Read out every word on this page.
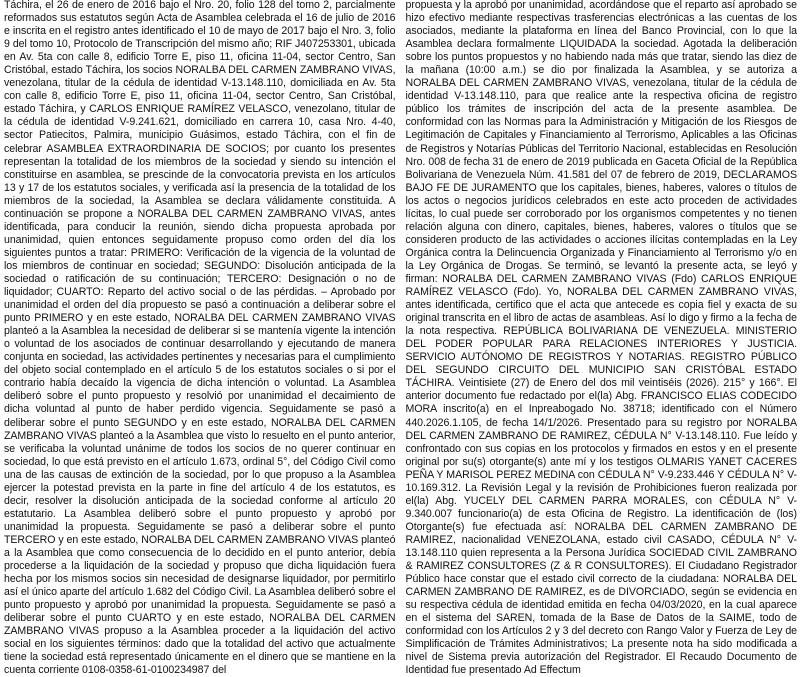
Táchira, el 26 de enero de 2016 bajo el Nro. 20, folio 128 del tomo 2, parcialmente reformados sus estatutos según Acta de Asamblea celebrada el 16 de julio de 2016 e inscrita en el registro antes identificado el 10 de mayo de 2017 bajo el Nro. 3, folio 9 del tomo 10, Protocolo de Transcripción del mismo año; RIF J407253301, ubicada en Av. 5ta con calle 8, edificio Torre E, piso 11, oficina 11-04, sector Centro, San Cristóbal, estado Táchira, los socios NORALBA DEL CARMEN ZAMBRANO VIVAS, venezolana, titular de la cédula de identidad V-13.148.110, domiciliada en Av. 5ta con calle 8, edificio Torre E, piso 11, oficina 11-04, sector Centro, San Cristóbal, estado Táchira, y CARLOS ENRIQUE RAMÍREZ VELASCO, venezolano, titular de la cédula de identidad V-9.241.621, domiciliado en carrera 10, casa Nro. 4-40, sector Patiecitos, Palmira, municipio Guásimos, estado Táchira, con el fin de celebrar ASAMBLEA EXTRAORDINARIA DE SOCIOS; por cuanto los presentes representan la totalidad de los miembros de la sociedad y siendo su intención el constituirse en asamblea, se prescinde de la convocatoria prevista en los artículos 13 y 17 de los estatutos sociales, y verificada así la presencia de la totalidad de los miembros de la sociedad, la Asamblea se declara válidamente constituida. A continuación se propone a NORALBA DEL CARMEN ZAMBRANO VIVAS, antes identificada, para conducir la reunión, siendo dicha propuesta aprobada por unanimidad, quien entonces seguidamente propuso como orden del día los siguientes puntos a tratar: PRIMERO: Verificación de la vigencia de la voluntad de los miembros de continuar en sociedad; SEGUNDO: Disolución anticipada de la sociedad o ratificación de su continuación; TERCERO: Designación o no de liquidador; CUARTO: Reparto del activo social o de las pérdidas. – Aprobado por unanimidad el orden del día propuesto se pasó a continuación a deliberar sobre el punto PRIMERO y en este estado, NORALBA DEL CARMEN ZAMBRANO VIVAS planteó a la Asamblea la necesidad de deliberar si se mantenía vigente la intención o voluntad de los asociados de continuar desarrollando y ejecutando de manera conjunta en sociedad, las actividades pertinentes y necesarias para el cumplimiento del objeto social contemplado en el artículo 5 de los estatutos sociales o si por el contrario había decaído la vigencia de dicha intención o voluntad. La Asamblea deliberó sobre el punto propuesto y resolvió por unanimidad el decaimiento de dicha voluntad al punto de haber perdido vigencia. Seguidamente se pasó a deliberar sobre el punto SEGUNDO y en este estado, NORALBA DEL CARMEN ZAMBRANO VIVAS planteó a la Asamblea que visto lo resuelto en el punto anterior, se verificaba la voluntad unánime de todos los socios de no querer continuar en sociedad, lo que está previsto en el artículo 1.673, ordinal 5°, del Código Civil como una de las causas de extinción de la sociedad, por lo que propuso a la Asamblea ejercer la potestad prevista en la parte in fine del artículo 4 de los estatutos, es decir, resolver la disolución anticipada de la sociedad conforme al artículo 20 estatutario. La Asamblea deliberó sobre el punto propuesto y aprobó por unanimidad la propuesta. Seguidamente se pasó a deliberar sobre el punto TERCERO y en este estado, NORALBA DEL CARMEN ZAMBRANO VIVAS planteó a la Asamblea que como consecuencia de lo decidido en el punto anterior, debía procederse a la liquidación de la sociedad y propuso que dicha liquidación fuera hecha por los mismos socios sin necesidad de designarse liquidador, por permitirlo así el único aparte del artículo 1.682 del Código Civil. La Asamblea deliberó sobre el punto propuesto y aprobó por unanimidad la propuesta. Seguidamente se pasó a deliberar sobre el punto CUARTO y en este estado, NORALBA DEL CARMEN ZAMBRANO VIVAS propuso a la Asamblea proceder a la liquidación del activo social en los siguientes términos: dado que la totalidad del activo que actualmente tiene la sociedad está representado únicamente en el dinero que se mantiene en la cuenta corriente 0108-0358-61-0100234987 del

propuesta y la aprobó por unanimidad, acordándose que el reparto así aprobado se hizo efectivo mediante respectivas trasferencias electrónicas a las cuentas de los asociados, mediante la plataforma en línea del Banco Provincial, con lo que la Asamblea declara formalmente LIQUIDADA la sociedad. Agotada la deliberación sobre los puntos propuestos y no habiendo nada más que tratar, siendo las diez de la mañana (10:00 a.m.) se dio por finalizada la Asamblea, y se autoriza a NORALBA DEL CARMEN ZAMBRANO VIVAS, venezolana, titular de la cédula de identidad V-13.148.110, para que realice ante la respectiva oficina de registro público los trámites de inscripción del acta de la presente asamblea. De conformidad con las Normas para la Administración y Mitigación de los Riesgos de Legitimación de Capitales y Financiamiento al Terrorismo, Aplicables a las Oficinas de Registros y Notarías Públicas del Territorio Nacional, establecidas en Resolución Nro. 008 de fecha 31 de enero de 2019 publicada en Gaceta Oficial de la República Bolivariana de Venezuela Núm. 41.581 del 07 de febrero de 2019, DECLARAMOS BAJO FE DE JURAMENTO que los capitales, bienes, haberes, valores o títulos de los actos o negocios jurídicos celebrados en este acto proceden de actividades lícitas, lo cual puede ser corroborado por los organismos competentes y no tienen relación alguna con dinero, capitales, bienes, haberes, valores o títulos que se consideren producto de las actividades o acciones ilícitas contempladas en la Ley Orgánica contra la Delincuencia Organizada y Financiamiento al Terrorismo y/o en la Ley Orgánica de Drogas. Se terminó, se levantó la presente acta, se leyó y firman: NORALBA DEL CARMEN ZAMBRANO VIVAS (Fdo) CARLOS ENRIQUE RAMÍREZ VELASCO (Fdo). Yo, NORALBA DEL CARMEN ZAMBRANO VIVAS, antes identificada, certifico que el acta que antecede es copia fiel y exacta de su original transcrita en el libro de actas de asambleas. Así lo digo y firmo a la fecha de la nota respectiva. REPÚBLICA BOLIVARIANA DE VENEZUELA. MINISTERIO DEL PODER POPULAR PARA RELACIONES INTERIORES Y JUSTICIA. SERVICIO AUTÓNOMO DE REGISTROS Y NOTARIAS. REGISTRO PÚBLICO DEL SEGUNDO CIRCUITO DEL MUNICIPIO SAN CRISTÓBAL ESTADO TÁCHIRA. Veintisiete (27) de Enero del dos mil veintiséis (2026). 215° y 166°. El anterior documento fue redactado por el(la) Abg. FRANCISCO ELIAS CODECIDO MORA inscrito(a) en el Inpreabogado No. 38718; identificado con el Número 440.2026.1.105, de fecha 14/1/2026. Presentado para su registro por NORALBA DEL CARMEN ZAMBRANO DE RAMIREZ, CÉDULA N° V-13.148.110. Fue leído y confrontado con sus copias en los protocolos y firmados en estos y en el presente original por su(s) otorgante(s) ante mí y los testigos OLMARIS YANET CACERES PEÑA Y MARISOL PEREZ MEDINA con CÉDULA N° V-9.233.446 Y CÉDULA N° V-10.169.312. La Revisión Legal y la revisión de Prohibiciones fueron realizada por el(la) Abg. YUCELY DEL CARMEN PARRA MORALES, con CÉDULA N° V-9.340.007 funcionario(a) de esta Oficina de Registro. La identificación de (los) Otorgante(s) fue efectuada así: NORALBA DEL CARMEN ZAMBRANO DE RAMIREZ, nacionalidad VENEZOLANA, estado civil CASADO, CÉDULA N° V-13.148.110 quien representa a la Persona Jurídica SOCIEDAD CIVIL ZAMBRANO & RAMIREZ CONSULTORES (Z & R CONSULTORES). El Ciudadano Registrador Público hace constar que el estado civil correcto de la ciudadana: NORALBA DEL CARMEN ZAMBRANO DE RAMIREZ, es de DIVORCIADO, según se evidencia en su respectiva cédula de identidad emitida en fecha 04/03/2020, en la cual aparece en el sistema del SAREN, tomada de la Base de Datos de la SAIME, todo de conformidad con los Artículos 2 y 3 del decreto con Rango Valor y Fuerza de Ley de Simplificación de Trámites Administrativos; La presente nota ha sido modificada a nivel de Sistema previa autorización del Registrador. El Recaudo Documento de Identidad fue presentado Ad Effectum
